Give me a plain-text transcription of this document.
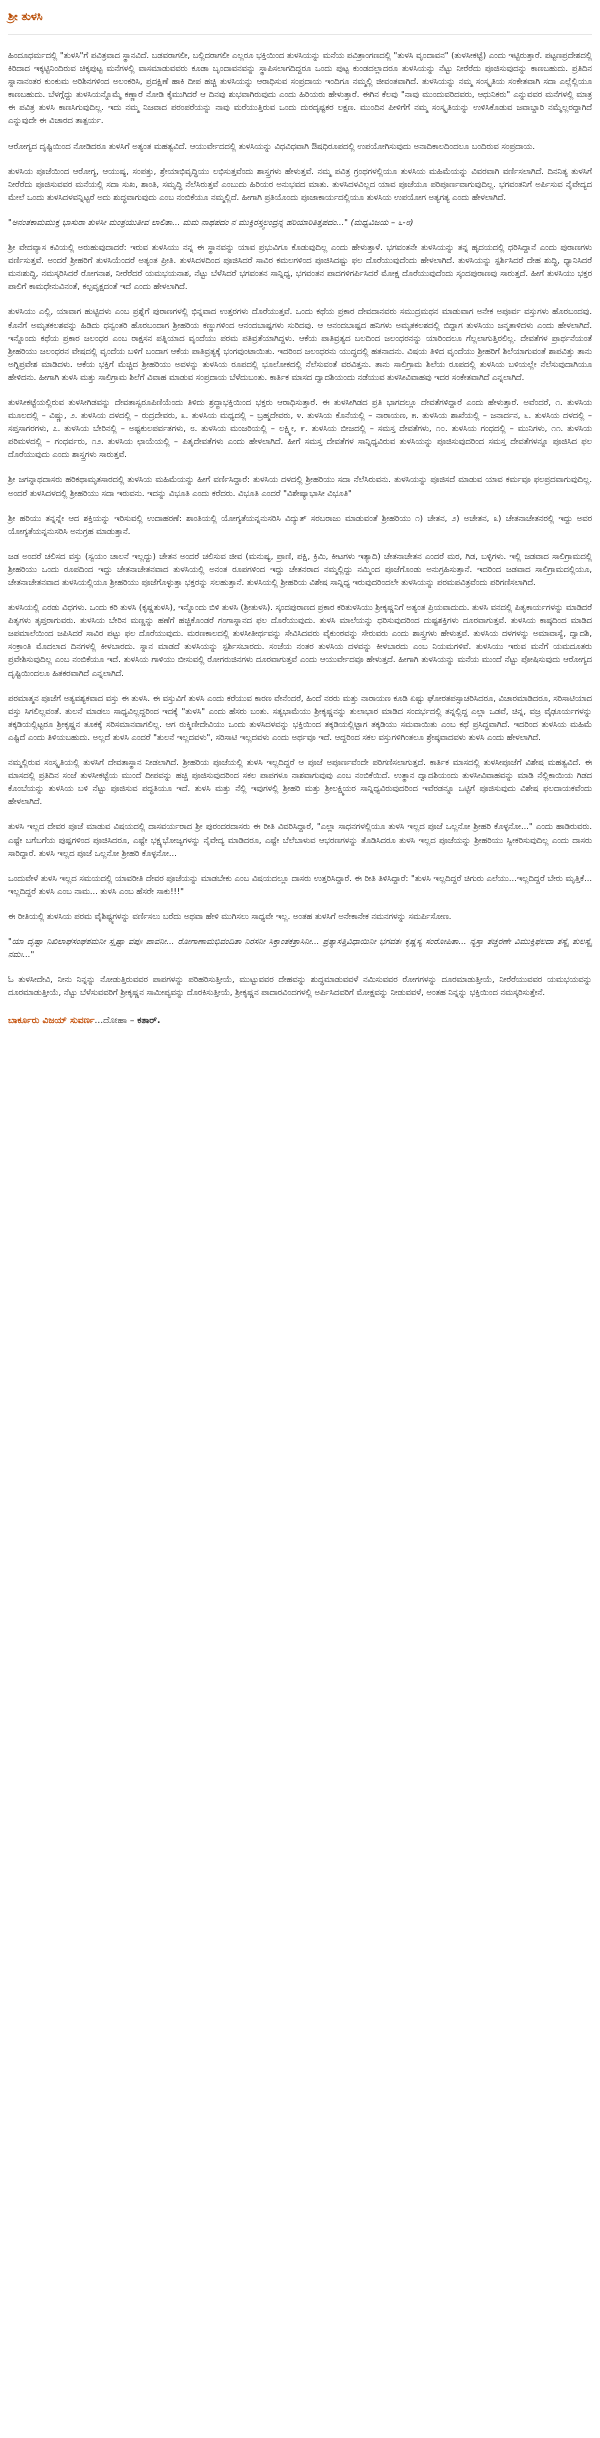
ಶ್ರೀ ತುಳಸಿ

ಹಿಂದೂಧರ್ಮದಲ್ಲಿ "ತುಳಸಿ"ಗೆ ಪವಿತ್ರವಾದ ಸ್ಥಾನವಿದೆ. ಬಡವರಾಗಲೀ, ಬಲ್ಲಿದರಾಗಲೀ ಎಲ್ಲರೂ ಭಕ್ತಿಯಿಂದ ತುಳಸಿಯನ್ನು ಮನೆಯ ಪವಿತ್ರಾಂಗಣದಲ್ಲಿ "ತುಳಸಿ ವೃಂದಾವನ" (ತುಳಸೀಕಟ್ಟೆ) ಎಂದು ಇಟ್ಟಿರುತ್ತಾರೆ. ಪಟ್ಟಣಪ್ರದೇಶದಲ್ಲಿ ಕಿರಿದಾದ ಇಕ್ಕಟ್ಟಿನಿಂದಿರುವ ಚಿಕ್ಕಪುಟ್ಟ ಮನೆಗಳಲ್ಲಿ ವಾಸಮಾಡುವವರು ಕೂಡಾ ಬೃಂದಾವನವನ್ನು ಸ್ಥಾಪಿಸಲಾಗದಿದ್ದರೂ ಒಂದು ಪುಟ್ಟ ಕುಂಡದಲ್ಲಾದರೂ ತುಳಸಿಯನ್ನು ನೆಟ್ಟು ನೀರೆರೆದು ಪೂಜಿಸುವುದನ್ನು ಕಾಣಬಹುದು. ಪ್ರತಿದಿನ ಸ್ನಾನಾನಂತರ ಕುಂಕುಮ ಅರಿಶಿನಗಳಿಂದ ಅಲಂಕರಿಸಿ, ಪ್ರದಕ್ಷಿಣೆ ಹಾಕಿ ದೀಪ ಹಚ್ಚಿ ತುಳಸಿಯನ್ನು ಆರಾಧಿಸುವ ಸಂಪ್ರದಾಯ ಇಂದಿಗೂ ನಮ್ಮಲ್ಲಿ ಜೀವಂತವಾಗಿದೆ. ತುಳಸಿಯನ್ನು ನಮ್ಮ ಸಂಸ್ಕೃತಿಯ ಸಂಕೇತವಾಗಿ ಸದಾ ಎಲ್ಲೆಲ್ಲಿಯೂ ಕಾಣಬಹುದು. ಬೆಳಗ್ಗೆದ್ದು ತುಳಸಿಯನ್ನೊಮ್ಮೆ ಕಣ್ಣಾರೆ ನೋಡಿ ಕೈಮುಗಿದರೆ ಆ ದಿನವು ಶುಭವಾಗಿರುವುದು ಎಂದು ಹಿರಿಯರು ಹೇಳುತ್ತಾರೆ. ಈಗಿನ ಕೆಲವು "ನಾವು ಮುಂದುವರಿದವರು, ಆಧುನಿಕರು" ಎನ್ನುವವರ ಮನೆಗಳಲ್ಲಿ ಮಾತ್ರ ಈ ಪವಿತ್ರ ತುಳಸಿ ಕಾಣಸಿಗುವುದಿಲ್ಲ. ಇದು ನಮ್ಮ ನಿಜವಾದ ಪರಂಪರೆಯನ್ನು ನಾವು ಮರೆಯುತ್ತಿರುವ ಒಂದು ದುರದೃಷ್ಟಕರ ಲಕ್ಷಣ. ಮುಂದಿನ ಪೀಳಿಗೆಗೆ ನಮ್ಮ ಸಂಸ್ಕೃತಿಯನ್ನು ಉಳಿಸಿಕೊಡುವ ಜವಾಬ್ದಾರಿ ನಮ್ಮೆಲ್ಲರದ್ದಾಗಿದೆ ಎನ್ನುವುದೇ ಈ ವಿಚಾರದ ತಾತ್ಪರ್ಯ.

ಆರೋಗ್ಯದ ದೃಷ್ಟಿಯಿಂದ ನೋಡಿದರೂ ತುಳಸಿಗೆ ಅತ್ಯಂತ ಮಹತ್ವವಿದೆ. ಆಯುರ್ವೇದದಲ್ಲಿ ತುಳಸಿಯನ್ನು ವಿಧವಿಧವಾಗಿ ಔಷಧಿರೂಪದಲ್ಲಿ ಉಪಯೋಗಿಸುವುದು ಅನಾದಿಕಾಲದಿಂದಲೂ ಬಂದಿರುವ ಸಂಪ್ರದಾಯ.

ತುಳಸಿಯ ಪೂಜೆಯಿಂದ ಆರೋಗ್ಯ, ಆಯುಷ್ಯ, ಸಂಪತ್ತು, ಶ್ರೇಯಾಭಿವೃದ್ಧಿಯು ಲಭಿಸುತ್ತವೆಂದು ಶಾಸ್ತ್ರಗಳು ಹೇಳುತ್ತವೆ. ನಮ್ಮ ಪವಿತ್ರ ಗ್ರಂಥಗಳಲ್ಲಿಯೂ ತುಳಸಿಯ ಮಹಿಮೆಯನ್ನು ವಿವರವಾಗಿ ವರ್ಣಿಸಲಾಗಿದೆ. ದಿನನಿತ್ಯ ತುಳಸಿಗೆ ನೀರೆರೆದು ಪೂಜಿಸುವವರ ಮನೆಯಲ್ಲಿ ಸದಾ ಸುಖ, ಶಾಂತಿ, ಸಮೃದ್ಧಿ ನೆಲೆಸಿರುತ್ತವೆ ಎಂಬುದು ಹಿರಿಯರ ಅನುಭವದ ಮಾತು. ತುಳಸಿದಳವಿಲ್ಲದ ಯಾವ ಪೂಜೆಯೂ ಪರಿಪೂರ್ಣವಾಗುವುದಿಲ್ಲ. ಭಗವಂತನಿಗೆ ಅರ್ಪಿಸುವ ನೈವೇದ್ಯದ ಮೇಲೆ ಒಂದು ತುಳಸಿದಳವನ್ನಿಟ್ಟರೆ ಅದು ಶುದ್ಧವಾಗುವುದು ಎಂಬ ನಂಬಿಕೆಯೂ ನಮ್ಮಲ್ಲಿದೆ. ಹೀಗಾಗಿ ಪ್ರತಿಯೊಂದು ಪೂಜಾಕಾರ್ಯದಲ್ಲಿಯೂ ತುಳಸಿಯ ಉಪಯೋಗ ಅತ್ಯಗತ್ಯ ಎಂದು ಹೇಳಲಾಗಿದೆ.

"ಅನಂತಕಾಮಮುಕ್ತ ಭಾಸುರಾ ತುಳಸೀ ಮಂತ್ರಯುತೀವ ಲಾಲಿತಾ... ಮಮ ನಾಥಪದಂ ನ ಮುಕ್ತಿರಸ್ತ್ವಲಂದ್ರನ್ನ ಹರಿಯಾರಿತಿತ್ತಪದಂ..." (ಮಧ್ವವಿಜಯ – ೬-೮)

ಶ್ರೀ ವೇದವ್ಯಾಸ ಕವಿಯಲ್ಲಿ ಅರುಹುವುದಾದರೆ: ಇರುವ ತುಳಸಿಯು ನನ್ನ ಈ ಸ್ಥಾನವನ್ನು ಯಾವ ಪ್ರಭುವಿಗೂ ಕೊಡುವುದಿಲ್ಲ ಎಂದು ಹೇಳುತ್ತಾಳೆ. ಭಗವಂತನೇ ತುಳಸಿಯನ್ನು ತನ್ನ ಹೃದಯದಲ್ಲಿ ಧರಿಸಿದ್ದಾನೆ ಎಂದು ಪುರಾಣಗಳು ವರ್ಣಿಸುತ್ತವೆ. ಅಂದರೆ ಶ್ರೀಹರಿಗೆ ತುಳಸಿಯೆಂದರೆ ಅತ್ಯಂತ ಪ್ರೀತಿ. ತುಳಸಿದಳದಿಂದ ಪೂಜಿಸಿದರೆ ಸಾವಿರ ಕಮಲಗಳಿಂದ ಪೂಜಿಸಿದಷ್ಟು ಫಲ ದೊರೆಯುವುದೆಂದು ಹೇಳಲಾಗಿದೆ. ತುಳಸಿಯನ್ನು ಸ್ಪರ್ಶಿಸಿದರೆ ದೇಹ ಶುದ್ಧಿ, ಧ್ಯಾನಿಸಿದರೆ ಮನಃಶುದ್ಧಿ, ನಮಸ್ಕರಿಸಿದರೆ ರೋಗನಾಶ, ನೀರೆರೆದರೆ ಯಮಭಯನಾಶ, ನೆಟ್ಟು ಬೆಳೆಸಿದರೆ ಭಗವಂತನ ಸಾನ್ನಿಧ್ಯ, ಭಗವಂತನ ಪಾದಗಳಿಗರ್ಪಿಸಿದರೆ ಮೋಕ್ಷ ದೊರೆಯುವುದೆಂದು ಸ್ಕಂದಪುರಾಣವು ಸಾರುತ್ತದೆ. ಹೀಗೆ ತುಳಸಿಯು ಭಕ್ತರ ಪಾಲಿಗೆ ಕಾಮಧೇನುವಿನಂತೆ, ಕಲ್ಪವೃಕ್ಷದಂತೆ ಇದೆ ಎಂದು ಹೇಳಲಾಗಿದೆ.

ತುಳಸಿಯು ಎಲ್ಲಿ, ಯಾವಾಗ ಹುಟ್ಟಿದಳು ಎಂಬ ಪ್ರಶ್ನೆಗೆ ಪುರಾಣಗಳಲ್ಲಿ ಭಿನ್ನವಾದ ಉತ್ತರಗಳು ದೊರೆಯುತ್ತವೆ. ಒಂದು ಕಥೆಯ ಪ್ರಕಾರ ದೇವದಾನವರು ಸಮುದ್ರಮಥನ ಮಾಡುವಾಗ ಅನೇಕ ಅಪೂರ್ವ ವಸ್ತುಗಳು ಹೊರಬಂದವು. ಕೊನೆಗೆ ಅಮೃತಕಲಶವನ್ನು ಹಿಡಿದು ಧನ್ವಂತರಿ ಹೊರಬಂದಾಗ ಶ್ರೀಹರಿಯ ಕಣ್ಣುಗಳಿಂದ ಆನಂದಬಾಷ್ಪಗಳು ಸುರಿದವು. ಆ ಆನಂದಬಾಷ್ಪದ ಹನಿಗಳು ಅಮೃತಕಲಶದಲ್ಲಿ ಬಿದ್ದಾಗ ತುಳಸಿಯು ಜನ್ಮತಾಳಿದಳು ಎಂದು ಹೇಳಲಾಗಿದೆ. ಇನ್ನೊಂದು ಕಥೆಯ ಪ್ರಕಾರ ಜಲಂಧರ ಎಂಬ ರಾಕ್ಷಸನ ಪತ್ನಿಯಾದ ವೃಂದೆಯು ಪರಮ ಪತಿವ್ರತೆಯಾಗಿದ್ದಳು. ಆಕೆಯ ಪಾತಿವ್ರತ್ಯದ ಬಲದಿಂದ ಜಲಂಧರನನ್ನು ಯಾರಿಂದಲೂ ಗೆಲ್ಲಲಾಗುತ್ತಿರಲಿಲ್ಲ. ದೇವತೆಗಳ ಪ್ರಾರ್ಥನೆಯಂತೆ ಶ್ರೀಹರಿಯು ಜಲಂಧರನ ವೇಷದಲ್ಲಿ ವೃಂದೆಯ ಬಳಿಗೆ ಬಂದಾಗ ಆಕೆಯ ಪಾತಿವ್ರತ್ಯಕ್ಕೆ ಭಂಗವುಂಟಾಯಿತು. ಇದರಿಂದ ಜಲಂಧರನು ಯುದ್ಧದಲ್ಲಿ ಹತನಾದನು. ವಿಷಯ ತಿಳಿದ ವೃಂದೆಯು ಶ್ರೀಹರಿಗೆ ಶಿಲೆಯಾಗುವಂತೆ ಶಾಪವಿತ್ತು ತಾನು ಅಗ್ನಿಪ್ರವೇಶ ಮಾಡಿದಳು. ಆಕೆಯ ಭಕ್ತಿಗೆ ಮೆಚ್ಚಿದ ಶ್ರೀಹರಿಯು ಅವಳನ್ನು ತುಳಸಿಯ ರೂಪದಲ್ಲಿ ಭೂಲೋಕದಲ್ಲಿ ನೆಲೆಸುವಂತೆ ವರವಿತ್ತನು. ತಾನು ಸಾಲಿಗ್ರಾಮ ಶಿಲೆಯ ರೂಪದಲ್ಲಿ ತುಳಸಿಯ ಬಳಿಯಲ್ಲೇ ನೆಲೆಸುವುದಾಗಿಯೂ ಹೇಳಿದನು. ಹೀಗಾಗಿ ತುಳಸಿ ಮತ್ತು ಸಾಲಿಗ್ರಾಮ ಶಿಲೆಗೆ ವಿವಾಹ ಮಾಡುವ ಸಂಪ್ರದಾಯ ಬೆಳೆದುಬಂತು. ಕಾರ್ತಿಕ ಮಾಸದ ದ್ವಾದಶಿಯಂದು ನಡೆಯುವ ತುಳಸೀವಿವಾಹವು ಇದರ ಸಂಕೇತವಾಗಿದೆ ಎನ್ನಲಾಗಿದೆ.

ತುಳಸೀಕಟ್ಟೆಯಲ್ಲಿರುವ ತುಳಸೀಗಿಡವನ್ನು ದೇವತಾಸ್ವರೂಪಿಣಿಯೆಂದು ತಿಳಿದು ಶ್ರದ್ಧಾಭಕ್ತಿಯಿಂದ ಭಕ್ತರು ಆರಾಧಿಸುತ್ತಾರೆ. ಈ ತುಳಸೀಗಿಡದ ಪ್ರತಿ ಭಾಗದಲ್ಲೂ ದೇವತೆಗಳಿದ್ದಾರೆ ಎಂದು ಹೇಳುತ್ತಾರೆ. ಅವೆಂದರೆ, ೧. ತುಳಸಿಯ ಮೂಲದಲ್ಲಿ – ವಿಷ್ಣು, ೨. ತುಳಸಿಯ ದಳದಲ್ಲಿ – ರುದ್ರದೇವರು, ೩. ತುಳಸಿಯ ಮಧ್ಯದಲ್ಲಿ – ಬ್ರಹ್ಮದೇವರು, ೪. ತುಳಸಿಯ ಕೊನೆಯಲ್ಲಿ – ನಾರಾಯಣ, ೫. ತುಳಸಿಯ ಶಾಖೆಯಲ್ಲಿ – ಜನಾರ್ದನ, ೬. ತುಳಸಿಯ ದಳದಲ್ಲಿ – ಸಪ್ತಸಾಗರಗಳು, ೭. ತುಳಸಿಯ ಬೇರಿನಲ್ಲಿ – ಅಷ್ಟಕುಲಪರ್ವತಗಳು, ೮. ತುಳಸಿಯ ಮಂಜರಿಯಲ್ಲಿ – ಲಕ್ಷ್ಮೀ, ೯. ತುಳಸಿಯ ಬೀಜದಲ್ಲಿ – ಸಮಸ್ತ ದೇವತೆಗಳು, ೧೦. ತುಳಸಿಯ ಗಂಧದಲ್ಲಿ – ಮುನಿಗಳು, ೧೧. ತುಳಸಿಯ ಪರಿಮಳದಲ್ಲಿ – ಗಂಧರ್ವರು, ೧೨. ತುಳಸಿಯ ಛಾಯೆಯಲ್ಲಿ – ಪಿತೃದೇವತೆಗಳು ಎಂದು ಹೇಳಲಾಗಿದೆ. ಹೀಗೆ ಸಮಸ್ತ ದೇವತೆಗಳ ಸಾನ್ನಿಧ್ಯವಿರುವ ತುಳಸಿಯನ್ನು ಪೂಜಿಸುವುದರಿಂದ ಸಮಸ್ತ ದೇವತೆಗಳನ್ನೂ ಪೂಜಿಸಿದ ಫಲ ದೊರೆಯುವುದು ಎಂದು ಶಾಸ್ತ್ರಗಳು ಸಾರುತ್ತವೆ.

ಶ್ರೀ ಜಗನ್ನಾಥದಾಸರು ಹರಿಕಥಾಮೃತಸಾರದಲ್ಲಿ ತುಳಸಿಯ ಮಹಿಮೆಯನ್ನು ಹೀಗೆ ವರ್ಣಿಸಿದ್ದಾರೆ: ತುಳಸಿಯ ದಳದಲ್ಲಿ ಶ್ರೀಹರಿಯು ಸದಾ ನೆಲೆಸಿರುವನು. ತುಳಸಿಯನ್ನು ಪೂಜಿಸದೆ ಮಾಡುವ ಯಾವ ಕರ್ಮವೂ ಫಲಪ್ರದವಾಗುವುದಿಲ್ಲ. ಅಂದರೆ ತುಳಸಿದಳದಲ್ಲಿ ಶ್ರೀಹರಿಯು ಸದಾ ಇರುವನು. ಇದನ್ನು ವಿಭೂತಿ ಎಂದು ಕರೆದರು. ವಿಭೂತಿ ಎಂದರೆ "ವಿಶೇಷ್ಯಾಭಾಸೀ ವಿಭೂತಿ"

ಶ್ರೀ ಹರಿಯು ತನ್ನನ್ನೇ ಆದ ಶಕ್ತಿಯನ್ನು ಇರಿಸುವಲ್ಲಿ ಉದಾಹರಣೆ: ಶಾಂತಿಯಲ್ಲಿ ಯೋಗ್ಯತೆಯನ್ನನುಸರಿಸಿ ವಿದ್ಯುತ್ ಸರಬರಾಜು ಮಾಡುವಂತೆ ಶ್ರೀಹರಿಯು ೧) ಚೇತನ, ೨) ಅಚೇತನ, ೩) ಚೇತನಾಚೇತನರಲ್ಲಿ ಇದ್ದು ಅವರ ಯೋಗ್ಯತೆಯನ್ನನುಸರಿಸಿ ಅನುಗ್ರಹ ಮಾಡುತ್ತಾನೆ.

ಜಡ ಅಂದರೆ ಚಲಿಸದ ವಸ್ತು (ಸ್ವಯಂ ಚಾಲನೆ ಇಲ್ಲದ್ದು) ಚೇತನ ಅಂದರೆ ಚಲಿಸುವ ಜೀವ (ಮನುಷ್ಯ, ಪ್ರಾಣಿ, ಪಕ್ಷಿ, ಕ್ರಿಮಿ, ಕೀಟಗಳು ಇತ್ಯಾದಿ) ಚೇತನಾಚೇತನ ಎಂದರೆ ಮರ, ಗಿಡ, ಬಳ್ಳಿಗಳು. ಇಲ್ಲಿ ಜಡವಾದ ಸಾಲಿಗ್ರಾಮದಲ್ಲಿ ಶ್ರೀಹರಿಯು ಒಂದು ರೂಪದಿಂದ ಇದ್ದು ಚೇತನಾಚೇತನವಾದ ತುಳಸಿಯಲ್ಲಿ ಅನಂತ ರೂಪಗಳಿಂದ ಇದ್ದು ಚೇತನರಾದ ನಮ್ಮಲ್ಲಿದ್ದು ನಮ್ಮಿಂದ ಪೂಜೆಗೊಂಡು ಅನುಗ್ರಹಿಸುತ್ತಾನೆ. ಇದರಿಂದ ಜಡವಾದ ಸಾಲಿಗ್ರಾಮದಲ್ಲಿಯೂ, ಚೇತನಾಚೇತನವಾದ ತುಳಸಿಯಲ್ಲಿಯೂ ಶ್ರೀಹರಿಯು ಪೂಜೆಗೊಳ್ಳುತ್ತಾ ಭಕ್ತರನ್ನು ಸಲಹುತ್ತಾನೆ. ತುಳಸಿಯಲ್ಲಿ ಶ್ರೀಹರಿಯ ವಿಶೇಷ ಸಾನ್ನಿಧ್ಯ ಇರುವುದರಿಂದಲೇ ತುಳಸಿಯನ್ನು ಪರಮಪವಿತ್ರವೆಂದು ಪರಿಗಣಿಸಲಾಗಿದೆ.

ತುಳಸಿಯಲ್ಲಿ ಎರಡು ವಿಧಗಳು. ಒಂದು ಕರಿ ತುಳಸಿ (ಕೃಷ್ಣತುಳಸಿ), ಇನ್ನೊಂದು ಬಿಳಿ ತುಳಸಿ (ಶ್ರೀತುಳಸಿ). ಸ್ಕಂದಪುರಾಣದ ಪ್ರಕಾರ ಕರಿತುಳಸಿಯು ಶ್ರೀಕೃಷ್ಣನಿಗೆ ಅತ್ಯಂತ ಪ್ರಿಯವಾದುದು. ತುಳಸಿ ವನದಲ್ಲಿ ಪಿತೃಕಾರ್ಯಗಳನ್ನು ಮಾಡಿದರೆ ಪಿತೃಗಳು ತೃಪ್ತರಾಗುವರು. ತುಳಸಿಯ ಬೇರಿನ ಮಣ್ಣನ್ನು ಹಣೆಗೆ ಹಚ್ಚಿಕೊಂಡರೆ ಗಂಗಾಸ್ನಾನದ ಫಲ ದೊರೆಯುವುದು. ತುಳಸಿ ಮಾಲೆಯನ್ನು ಧರಿಸುವುದರಿಂದ ದುಷ್ಟಶಕ್ತಿಗಳು ದೂರವಾಗುತ್ತವೆ. ತುಳಸಿಯ ಕಾಷ್ಠದಿಂದ ಮಾಡಿದ ಜಪಮಾಲೆಯಿಂದ ಜಪಿಸಿದರೆ ಸಾವಿರ ಪಟ್ಟು ಫಲ ದೊರೆಯುವುದು. ಮರಣಕಾಲದಲ್ಲಿ ತುಳಸೀತೀರ್ಥವನ್ನು ಸೇವಿಸಿದವರು ವೈಕುಂಠವನ್ನು ಸೇರುವರು ಎಂದು ಶಾಸ್ತ್ರಗಳು ಹೇಳುತ್ತವೆ. ತುಳಸಿಯ ದಳಗಳನ್ನು ಅಮಾವಾಸ್ಯೆ, ದ್ವಾದಶಿ, ಸಂಕ್ರಾಂತಿ ಮೊದಲಾದ ದಿನಗಳಲ್ಲಿ ಕೀಳಬಾರದು. ಸ್ನಾನ ಮಾಡದೆ ತುಳಸಿಯನ್ನು ಸ್ಪರ್ಶಿಸಬಾರದು. ಸಂಜೆಯ ನಂತರ ತುಳಸಿಯ ದಳವನ್ನು ಕೀಳಬಾರದು ಎಂಬ ನಿಯಮಗಳಿವೆ. ತುಳಸಿಯು ಇರುವ ಮನೆಗೆ ಯಮದೂತರು ಪ್ರವೇಶಿಸುವುದಿಲ್ಲ ಎಂಬ ನಂಬಿಕೆಯೂ ಇದೆ. ತುಳಸಿಯ ಗಾಳಿಯು ಬೀಸುವಲ್ಲಿ ರೋಗರುಜಿನಗಳು ದೂರವಾಗುತ್ತವೆ ಎಂದು ಆಯುರ್ವೇದವೂ ಹೇಳುತ್ತದೆ. ಹೀಗಾಗಿ ತುಳಸಿಯನ್ನು ಮನೆಯ ಮುಂದೆ ನೆಟ್ಟು ಪೋಷಿಸುವುದು ಆರೋಗ್ಯದ ದೃಷ್ಟಿಯಿಂದಲೂ ಹಿತಕರವಾಗಿದೆ ಎನ್ನಲಾಗಿದೆ.

ಪರಮಾತ್ಮನ ಪೂಜೆಗೆ ಅತ್ಯವಶ್ಯಕವಾದ ವಸ್ತು ಈ ತುಳಸಿ. ಈ ವಸ್ತುವಿಗೆ ತುಳಸಿ ಎಂದು ಕರೆಯುವ ಕಾರಣ ವೇನೆಂದರೆ, ಹಿಂದೆ ನರರು ಮತ್ತು ನಾರಾಯಣ ಕೂಡಿ ಏಷ್ಟು ಘೋರತಪಸ್ಸಾಚರಿಸಿದರೂ, ವಿಚಾರಮಾಡಿದರೂ, ಸರಿಸಾಟಿಯಾದ ವಸ್ತು ಸಿಗಲಿಲ್ಲವಂತೆ. ತುಲನೆ ಮಾಡಲು ಸಾಧ್ಯವಿಲ್ಲದ್ದರಿಂದ ಇದಕ್ಕೆ "ತುಳಸಿ" ಎಂದು ಹೆಸರು ಬಂತು. ಸತ್ಯಭಾಮೆಯು ಶ್ರೀಕೃಷ್ಣನನ್ನು ತುಲಾಭಾರ ಮಾಡಿದ ಸಂದರ್ಭದಲ್ಲಿ ತನ್ನಲ್ಲಿದ್ದ ಎಲ್ಲಾ ಒಡವೆ, ಚಿನ್ನ, ವಜ್ರ ವೈಢೂರ್ಯಗಳನ್ನು ತಕ್ಕಡಿಯಲ್ಲಿಟ್ಟರೂ ಶ್ರೀಕೃಷ್ಣನ ತೂಕಕ್ಕೆ ಸರಿಸಮಾನವಾಗಲಿಲ್ಲ. ಆಗ ರುಕ್ಮಿಣೀದೇವಿಯು ಒಂದು ತುಳಸಿದಳವನ್ನು ಭಕ್ತಿಯಿಂದ ತಕ್ಕಡಿಯಲ್ಲಿಟ್ಟಾಗ ತಕ್ಕಡಿಯು ಸಮವಾಯಿತು ಎಂಬ ಕಥೆ ಪ್ರಸಿದ್ಧವಾಗಿದೆ. ಇದರಿಂದ ತುಳಸಿಯ ಮಹಿಮೆ ಎಷ್ಟಿದೆ ಎಂದು ತಿಳಿಯಬಹುದು. ಅಲ್ಲದೆ ತುಳಸಿ ಎಂದರೆ "ತುಲನೆ ಇಲ್ಲದವಳು", ಸರಿಸಾಟಿ ಇಲ್ಲದವಳು ಎಂದು ಅರ್ಥವೂ ಇದೆ. ಆದ್ದರಿಂದ ಸಕಲ ವಸ್ತುಗಳಿಗಿಂತಲೂ ಶ್ರೇಷ್ಠವಾದವಳು ತುಳಸಿ ಎಂದು ಹೇಳಲಾಗಿದೆ.

ನಮ್ಮಲ್ಲಿರುವ ಸಂಸ್ಕೃತಿಯಲ್ಲಿ ತುಳಸಿಗೆ ದೇವತಾಸ್ಥಾನ ನೀಡಲಾಗಿದೆ. ಶ್ರೀಹರಿಯ ಪೂಜೆಯಲ್ಲಿ ತುಳಸಿ ಇಲ್ಲದಿದ್ದರೆ ಆ ಪೂಜೆ ಅಪೂರ್ಣವೆಂದೇ ಪರಿಗಣಿಸಲಾಗುತ್ತದೆ. ಕಾರ್ತಿಕ ಮಾಸದಲ್ಲಿ ತುಳಸೀಪೂಜೆಗೆ ವಿಶೇಷ ಮಹತ್ವವಿದೆ. ಈ ಮಾಸದಲ್ಲಿ ಪ್ರತಿದಿನ ಸಂಜೆ ತುಳಸೀಕಟ್ಟೆಯ ಮುಂದೆ ದೀಪವನ್ನು ಹಚ್ಚಿ ಪೂಜಿಸುವುದರಿಂದ ಸಕಲ ಪಾಪಗಳೂ ನಾಶವಾಗುವುವು ಎಂಬ ನಂಬಿಕೆಯಿದೆ. ಉತ್ಥಾನ ದ್ವಾದಶಿಯಂದು ತುಳಸೀವಿವಾಹವನ್ನು ಮಾಡಿ ನೆಲ್ಲಿಕಾಯಿಯ ಗಿಡದ ಕೊಂಬೆಯನ್ನು ತುಳಸಿಯ ಬಳಿ ನೆಟ್ಟು ಪೂಜಿಸುವ ಪದ್ಧತಿಯೂ ಇದೆ. ತುಳಸಿ ಮತ್ತು ನೆಲ್ಲಿ ಇವುಗಳಲ್ಲಿ ಶ್ರೀಹರಿ ಮತ್ತು ಶ್ರೀಲಕ್ಷ್ಮಿಯರ ಸಾನ್ನಿಧ್ಯವಿರುವುದರಿಂದ ಇವೆರಡನ್ನೂ ಒಟ್ಟಿಗೆ ಪೂಜಿಸುವುದು ವಿಶೇಷ ಫಲದಾಯಕವೆಂದು ಹೇಳಲಾಗಿದೆ.

ತುಳಸಿ ಇಲ್ಲದ ದೇವರ ಪೂಜೆ ಮಾಡುವ ವಿಷಯದಲ್ಲಿ ದಾಸವರ್ಯರಾದ ಶ್ರೀ ಪುರಂದರದಾಸರು ಈ ರೀತಿ ವಿವರಿಸಿದ್ದಾರೆ, "ಎಲ್ಲಾ ಸಾಧನಗಳಲ್ಲಿಯೂ ತುಳಸಿ ಇಲ್ಲದ ಪೂಜೆ ಒಲ್ಲನೋ ಶ್ರೀಹರಿ ಕೊಳ್ಳನೋ..." ಎಂದು ಹಾಡಿರುವರು. ಎಷ್ಟೇ ಬಗೆಬಗೆಯ ಪುಷ್ಪಗಳಿಂದ ಪೂಜಿಸಿದರೂ, ಎಷ್ಟೇ ಭಕ್ಷ್ಯಭೋಜ್ಯಗಳನ್ನು ನೈವೇದ್ಯ ಮಾಡಿದರೂ, ಎಷ್ಟೇ ಬೆಲೆಬಾಳುವ ಆಭರಣಗಳನ್ನು ತೊಡಿಸಿದರೂ ತುಳಸಿ ಇಲ್ಲದ ಪೂಜೆಯನ್ನು ಶ್ರೀಹರಿಯು ಸ್ವೀಕರಿಸುವುದಿಲ್ಲ ಎಂದು ದಾಸರು ಸಾರಿದ್ದಾರೆ. ತುಳಸಿ ಇಲ್ಲದ ಪೂಜೆ ಒಲ್ಲನೋ ಶ್ರೀಹರಿ ಕೊಳ್ಳನೋ...

ಒಂದುವೇಳೆ ತುಳಸಿ ಇಲ್ಲದ ಸಮಯದಲ್ಲಿ ಯಾವರೀತಿ ದೇವರ ಪೂಜೆಯನ್ನು ಮಾಡಬೇಕು ಎಂಬ ವಿಷಯದಲ್ಲೂ ದಾಸರು ಉತ್ತರಿಸಿದ್ದಾರೆ. ಈ ರೀತಿ ತಿಳಿಸಿದ್ದಾರೆ: "ತುಳಸಿ ಇಲ್ಲದಿದ್ದರೆ ಚಿಗುರು ಎಲೆಯು...ಇಲ್ಲದಿದ್ದರೆ ಬೇರು ಮೃತ್ತಿಕೆ... ಇಲ್ಲದಿದ್ದರೆ ತುಳಸಿ ಎಂಬ ನಾಮ... ತುಳಸಿ ಎಂಬ ಹೆಸರೇ ಸಾಕು!!!"

ಈ ರೀತಿಯಲ್ಲಿ ತುಳಸಿಯ ಪರಮ ವೈಶಿಷ್ಟ್ಯಗಳನ್ನು ವರ್ಣಿಸಲು ಬರೆದು ಅಥವಾ ಹೇಳಿ ಮುಗಿಸಲು ಸಾಧ್ಯವೇ ಇಲ್ಲ. ಅಂತಹ ತುಳಸಿಗೆ ಅನೇಕಾನೇಕ ನಮನಗಳನ್ನು ಸಮರ್ಪಿಸೋಣ.

"ಯಾ ದೃಷ್ಟಾ ನಿಖಿಲಾಘಸಂಘಶಮನೀ ಸ್ಪೃಷ್ಟಾ ವಪುಃ ಪಾವನೀ... ರೋಗಾಣಾಮಭಿವಂದಿತಾ ನಿರಸನೀ ಸಿಕ್ತಾಂತಕತ್ರಾಸಿನೀ... ಪ್ರತ್ಯಾಸತ್ತಿವಿಧಾಯಿನೀ ಭಗವತಃ ಕೃಷ್ಣಸ್ಯ ಸಂರೋಪಿತಾ... ನ್ಯಸ್ತಾ ತಚ್ಚರಣೇ ವಿಮುಕ್ತಿಫಲದಾ ತಸ್ಯೈ ತುಲಸ್ಯೈ ನಮಃ..."

ಓ ತುಳಸೀದೇವಿ, ನೀನು ನಿನ್ನನ್ನು ನೋಡುತ್ತಿರುವವರ ಪಾಪಗಳನ್ನು ಪರಿಹರಿಸುತ್ತೀಯೆ, ಮುಟ್ಟುವವರ ದೇಹವನ್ನು ಶುದ್ಧಮಾಡುವವಳೆ ನಮಿಸುವವರ ರೋಗಗಳನ್ನು ದೂರಮಾಡುತ್ತೀಯೆ, ನೀರೆರೆಯುವವರ ಯಮಭಯವನ್ನು ದೂರಮಾಡುತ್ತೀಯೆ, ನೆಟ್ಟು ಬೆಳೆಸುವವರಿಗೆ ಶ್ರೀಕೃಷ್ಣನ ಸಾಮೀಪ್ಯವನ್ನು ದೊರಕಿಸುತ್ತೀಯೆ, ಶ್ರೀಕೃಷ್ಣನ ಪಾದಾರವಿಂದಗಳಲ್ಲಿ ಅರ್ಪಿಸಿದವರಿಗೆ ಮೋಕ್ಷವನ್ನು ನೀಡುವವಳೆ, ಅಂತಹ ನಿನ್ನನ್ನು ಭಕ್ತಿಯಿಂದ ನಮಸ್ಕರಿಸುತ್ತೇನೆ.

ಬಾರ್ಕೂರು ವಿಜಯ್ ಸುವರ್ಣ...ದೋಹಾ – ಕತಾರ್.
